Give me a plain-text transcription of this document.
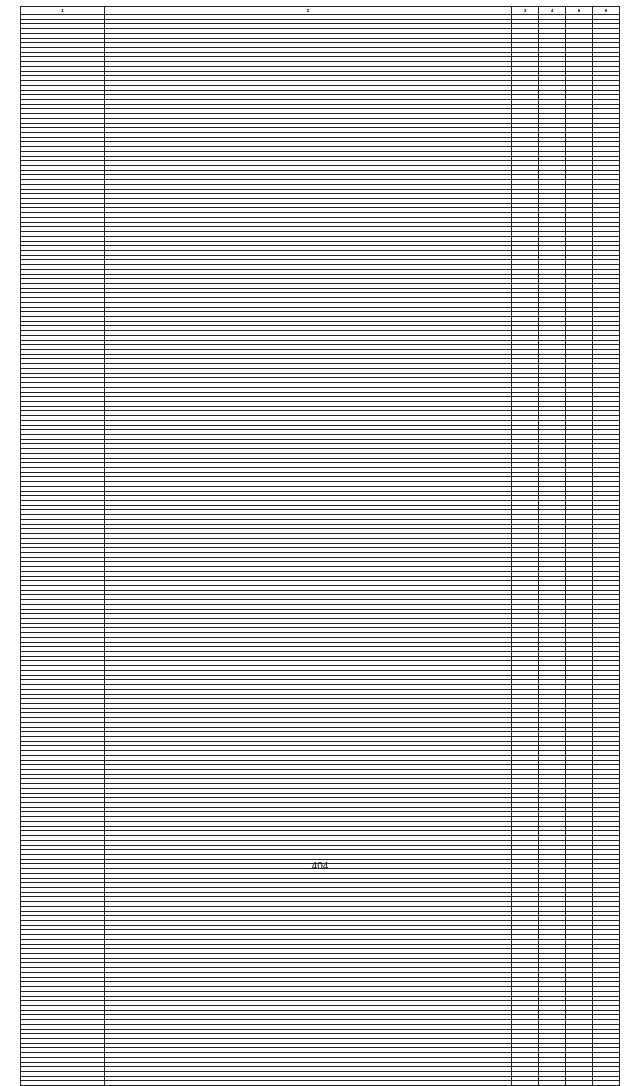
1	2	3	4	5	6

404
